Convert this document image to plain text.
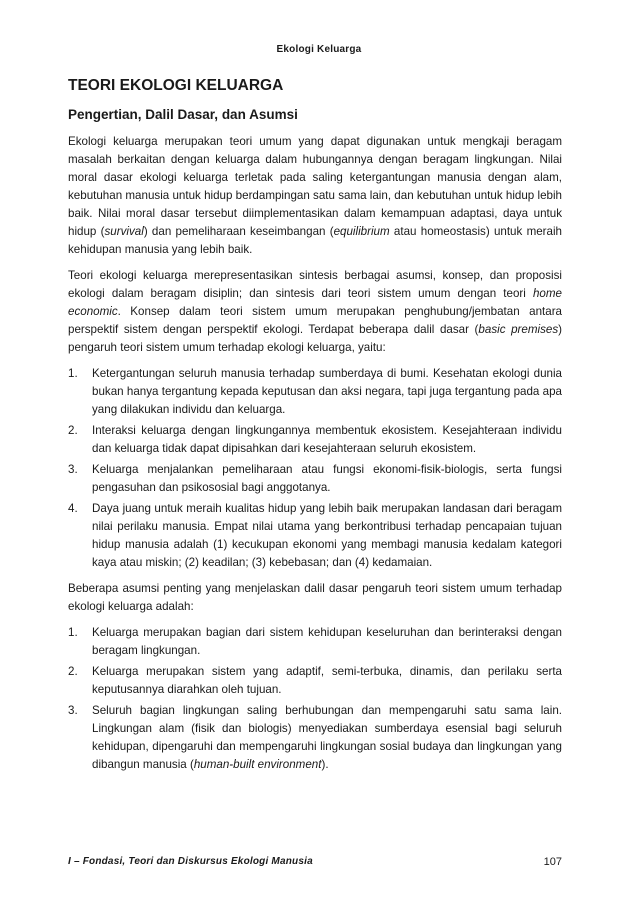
Ekologi Keluarga
TEORI EKOLOGI KELUARGA
Pengertian, Dalil Dasar, dan Asumsi

Ekologi keluarga merupakan teori umum yang dapat digunakan untuk mengkaji beragam masalah berkaitan dengan keluarga dalam hubungannya dengan beragam lingkungan. Nilai moral dasar ekologi keluarga terletak pada saling ketergantungan manusia dengan alam, kebutuhan manusia untuk hidup berdampingan satu sama lain, dan kebutuhan untuk hidup lebih baik. Nilai moral dasar tersebut diimplementasikan dalam kemampuan adaptasi, daya untuk hidup (survival) dan pemeliharaan keseimbangan (equilibrium atau homeostasis) untuk meraih kehidupan manusia yang lebih baik.

Teori ekologi keluarga merepresentasikan sintesis berbagai asumsi, konsep, dan proposisi ekologi dalam beragam disiplin; dan sintesis dari teori sistem umum dengan teori home economic. Konsep dalam teori sistem umum merupakan penghubung/jembatan antara perspektif sistem dengan perspektif ekologi. Terdapat beberapa dalil dasar (basic premises) pengaruh teori sistem umum terhadap ekologi keluarga, yaitu:

1. Ketergantungan seluruh manusia terhadap sumberdaya di bumi. Kesehatan ekologi dunia bukan hanya tergantung kepada keputusan dan aksi negara, tapi juga tergantung pada apa yang dilakukan individu dan keluarga.
2. Interaksi keluarga dengan lingkungannya membentuk ekosistem. Kesejahteraan individu dan keluarga tidak dapat dipisahkan dari kesejahteraan seluruh ekosistem.
3. Keluarga menjalankan pemeliharaan atau fungsi ekonomi-fisik-biologis, serta fungsi pengasuhan dan psikososial bagi anggotanya.
4. Daya juang untuk meraih kualitas hidup yang lebih baik merupakan landasan dari beragam nilai perilaku manusia. Empat nilai utama yang berkontribusi terhadap pencapaian tujuan hidup manusia adalah (1) kecukupan ekonomi yang membagi manusia kedalam kategori kaya atau miskin; (2) keadilan; (3) kebebasan; dan (4) kedamaian.

Beberapa asumsi penting yang menjelaskan dalil dasar pengaruh teori sistem umum terhadap ekologi keluarga adalah:

1. Keluarga merupakan bagian dari sistem kehidupan keseluruhan dan berinteraksi dengan beragam lingkungan.
2. Keluarga merupakan sistem yang adaptif, semi-terbuka, dinamis, dan perilaku serta keputusannya diarahkan oleh tujuan.
3. Seluruh bagian lingkungan saling berhubungan dan mempengaruhi satu sama lain. Lingkungan alam (fisik dan biologis) menyediakan sumberdaya esensial bagi seluruh kehidupan, dipengaruhi dan mempengaruhi lingkungan sosial budaya dan lingkungan yang dibangun manusia (human-built environment).
I – Fondasi, Teori dan Diskursus Ekologi Manusia	107
